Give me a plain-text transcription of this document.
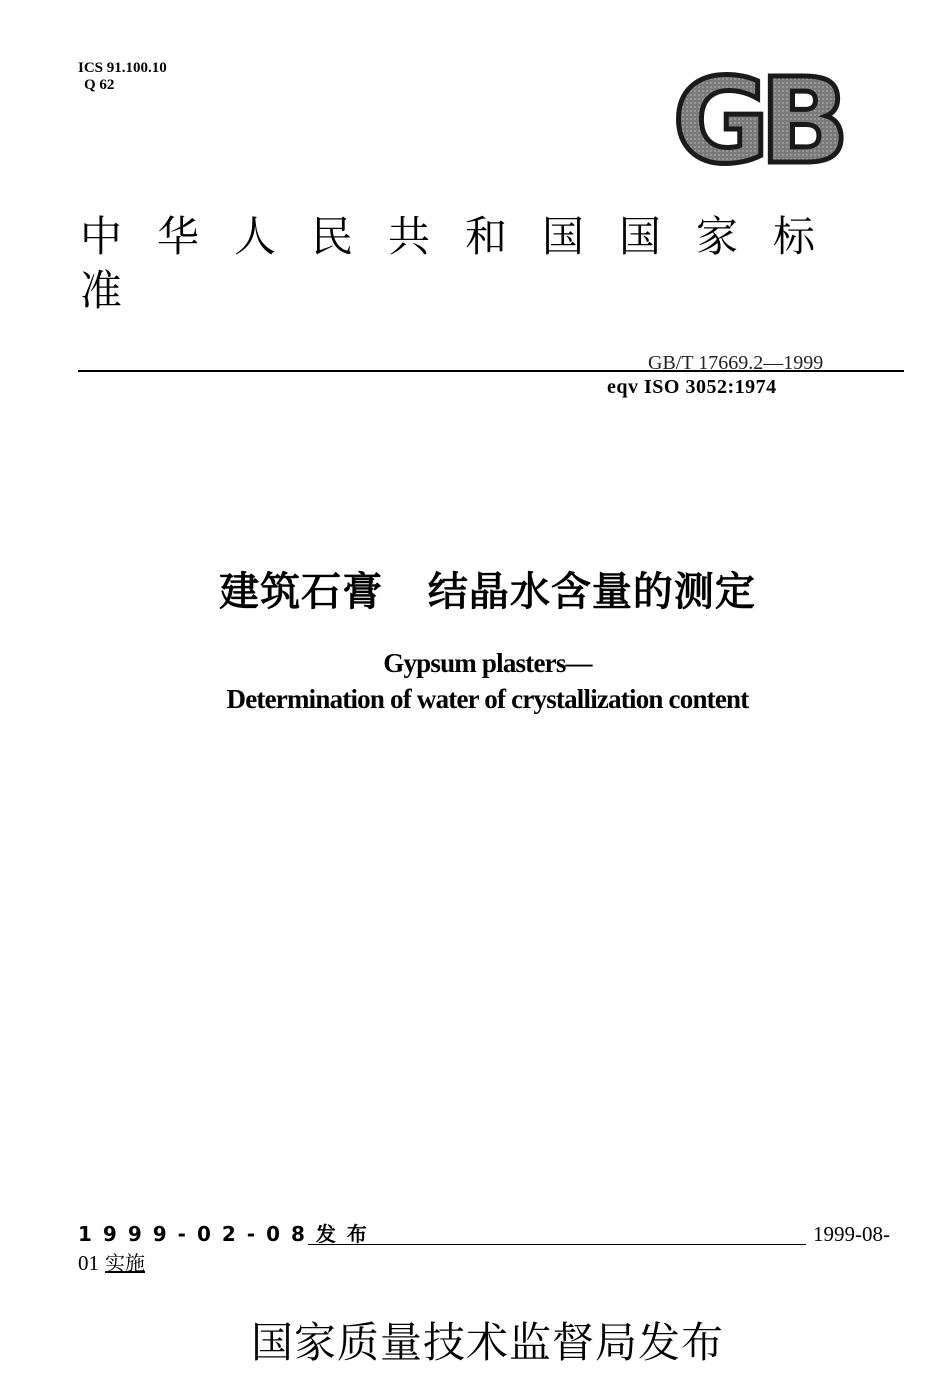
ICS 91.100.10
Q 62	GB
中华人民共和国国家标准
GB/T 17669.2—1999
eqv ISO 3052:1974
建筑石膏   结晶水含量的测定
Gypsum plasters—
Determination of water of crystallization content
1999-02-08发布	1999-08-
01 实施
国家质量技术监督局发布
